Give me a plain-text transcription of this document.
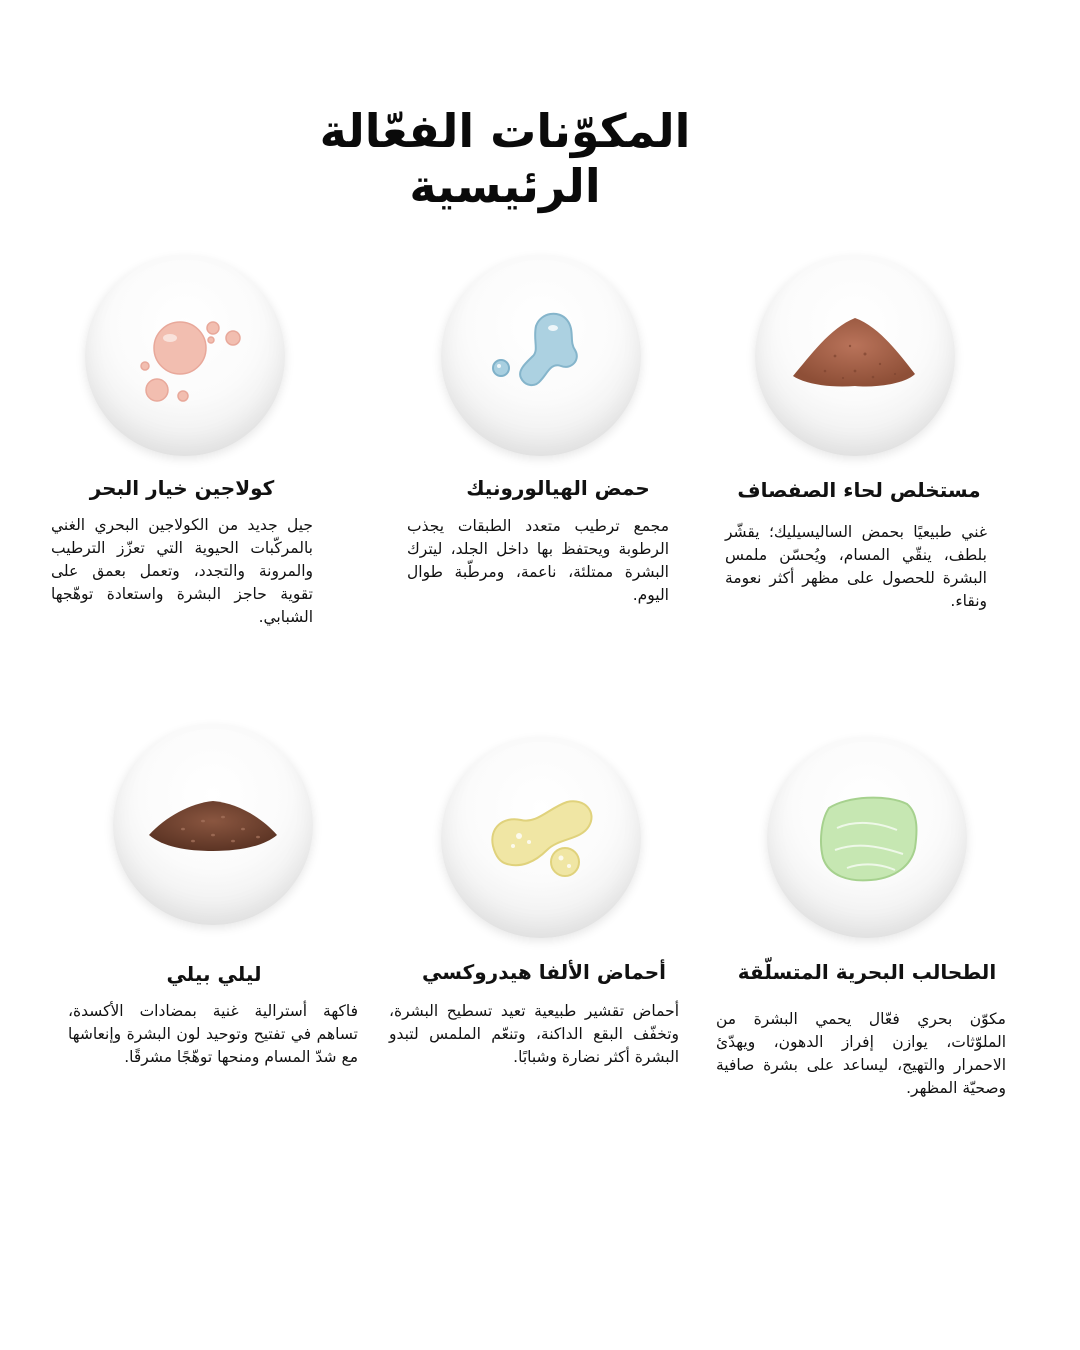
المكوّنات الفعّالة الرئيسية
مستخلص لحاء الصفصاف

غني طبيعيًا بحمض الساليسيليك؛ يقشّر بلطف، ينقّي المسام، ويُحسّن ملمس البشرة للحصول على مظهر أكثر نعومة ونقاء.

حمض الهيالورونيك

مجمع ترطيب متعدد الطبقات يجذب الرطوبة ويحتفظ بها داخل الجلد، ليترك البشرة ممتلئة، ناعمة، ومرطّبة طوال اليوم.

كولاجين خيار البحر

جيل جديد من الكولاجين البحري الغني بالمركّبات الحيوية التي تعزّز الترطيب والمرونة والتجدد، وتعمل بعمق على تقوية حاجز البشرة واستعادة توهّجها الشبابي.

الطحالب البحرية المتسلّقة

مكوّن بحري فعّال يحمي البشرة من الملوّثات، يوازن إفراز الدهون، ويهدّئ الاحمرار والتهيج، ليساعد على بشرة صافية وصحيّة المظهر.

أحماض الألفا هيدروكسي

أحماض تقشير طبيعية تعيد تسطيح البشرة، وتخفّف البقع الداكنة، وتنعّم الملمس لتبدو البشرة أكثر نضارة وشبابًا.

ليلي بيلي

فاكهة أسترالية غنية بمضادات الأكسدة، تساهم في تفتيح وتوحيد لون البشرة وإنعاشها مع شدّ المسام ومنحها توهّجًا مشرقًا.
